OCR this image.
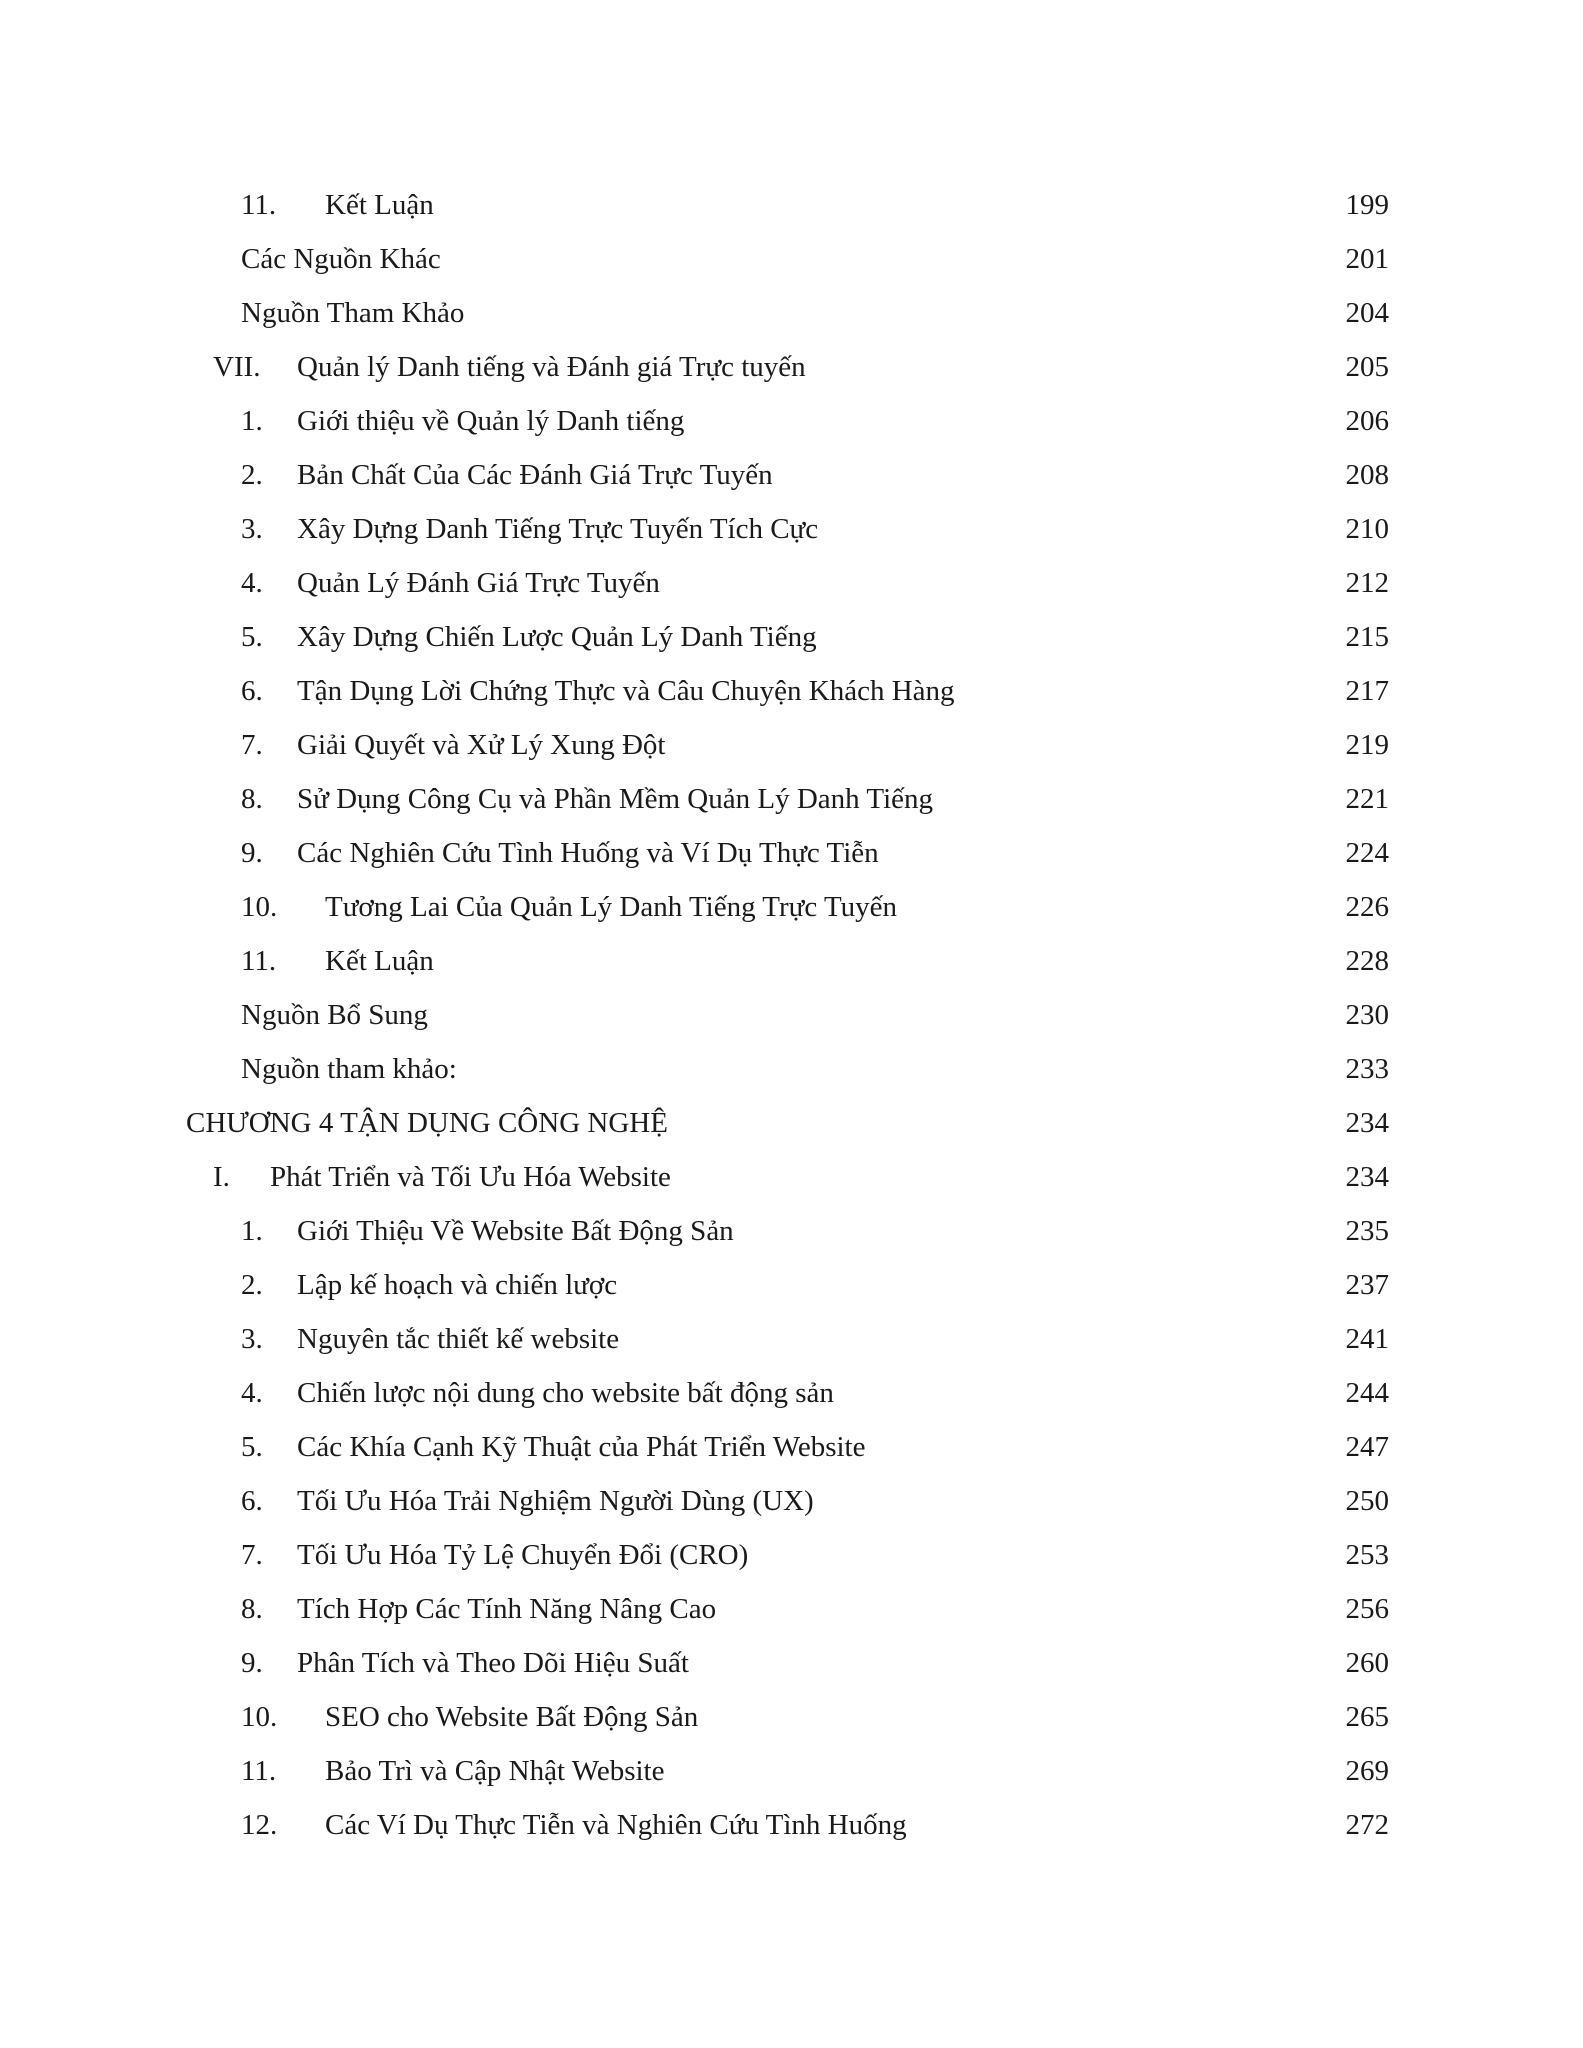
11. Kết Luận	199
Các Nguồn Khác	201
Nguồn Tham Khảo	204
VII. Quản lý Danh tiếng và Đánh giá Trực tuyến	205
1. Giới thiệu về Quản lý Danh tiếng	206
2. Bản Chất Của Các Đánh Giá Trực Tuyến	208
3. Xây Dựng Danh Tiếng Trực Tuyến Tích Cực	210
4. Quản Lý Đánh Giá Trực Tuyến	212
5. Xây Dựng Chiến Lược Quản Lý Danh Tiếng	215
6. Tận Dụng Lời Chứng Thực và Câu Chuyện Khách Hàng	217
7. Giải Quyết và Xử Lý Xung Đột	219
8. Sử Dụng Công Cụ và Phần Mềm Quản Lý Danh Tiếng	221
9. Các Nghiên Cứu Tình Huống và Ví Dụ Thực Tiễn	224
10. Tương Lai Của Quản Lý Danh Tiếng Trực Tuyến	226
11. Kết Luận	228
Nguồn Bổ Sung	230
Nguồn tham khảo:	233
CHƯƠNG 4 TẬN DỤNG CÔNG NGHỆ	234
I. Phát Triển và Tối Ưu Hóa Website	234
1. Giới Thiệu Về Website Bất Động Sản	235
2. Lập kế hoạch và chiến lược	237
3. Nguyên tắc thiết kế website	241
4. Chiến lược nội dung cho website bất động sản	244
5. Các Khía Cạnh Kỹ Thuật của Phát Triển Website	247
6. Tối Ưu Hóa Trải Nghiệm Người Dùng (UX)	250
7. Tối Ưu Hóa Tỷ Lệ Chuyển Đổi (CRO)	253
8. Tích Hợp Các Tính Năng Nâng Cao	256
9. Phân Tích và Theo Dõi Hiệu Suất	260
10. SEO cho Website Bất Động Sản	265
11. Bảo Trì và Cập Nhật Website	269
12. Các Ví Dụ Thực Tiễn và Nghiên Cứu Tình Huống	272
